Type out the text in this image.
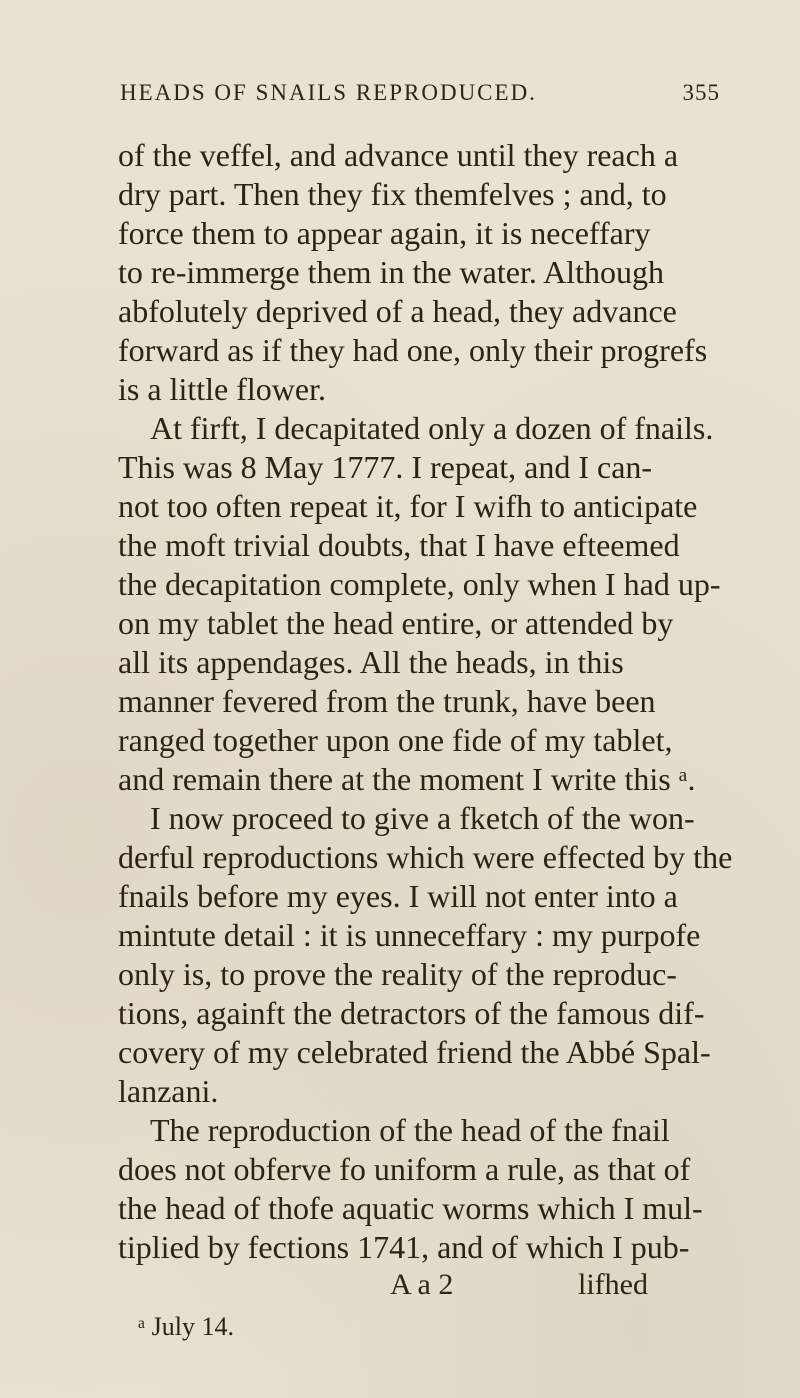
HEADS OF SNAILS REPRODUCED.	355
of the veffel, and advance until they reach a
dry part. Then they fix themfelves ; and, to
force them to appear again, it is neceffary
to re-immerge them in the water. Although
abfolutely deprived of a head, they advance
forward as if they had one, only their progrefs
is a little flower.
At firft, I decapitated only a dozen of fnails.
This was 8 May 1777. I repeat, and I can-
not too often repeat it, for I wifh to anticipate
the moft trivial doubts, that I have efteemed
the decapitation complete, only when I had up-
on my tablet the head entire, or attended by
all its appendages. All the heads, in this
manner fevered from the trunk, have been
ranged together upon one fide of my tablet,
and remain there at the moment I write this ᵃ.
I now proceed to give a fketch of the won-
derful reproductions which were effected by the
fnails before my eyes. I will not enter into a
mintute detail : it is unneceffary : my purpofe
only is, to prove the reality of the reproduc-
tions, againft the detractors of the famous dif-
covery of my celebrated friend the Abbé Spal-
lanzani.
The reproduction of the head of the fnail
does not obferve fo uniform a rule, as that of
the head of thofe aquatic worms which I mul-
tiplied by fections 1741, and of which I pub-
A a 2	lifhed
ᵃ July 14.
